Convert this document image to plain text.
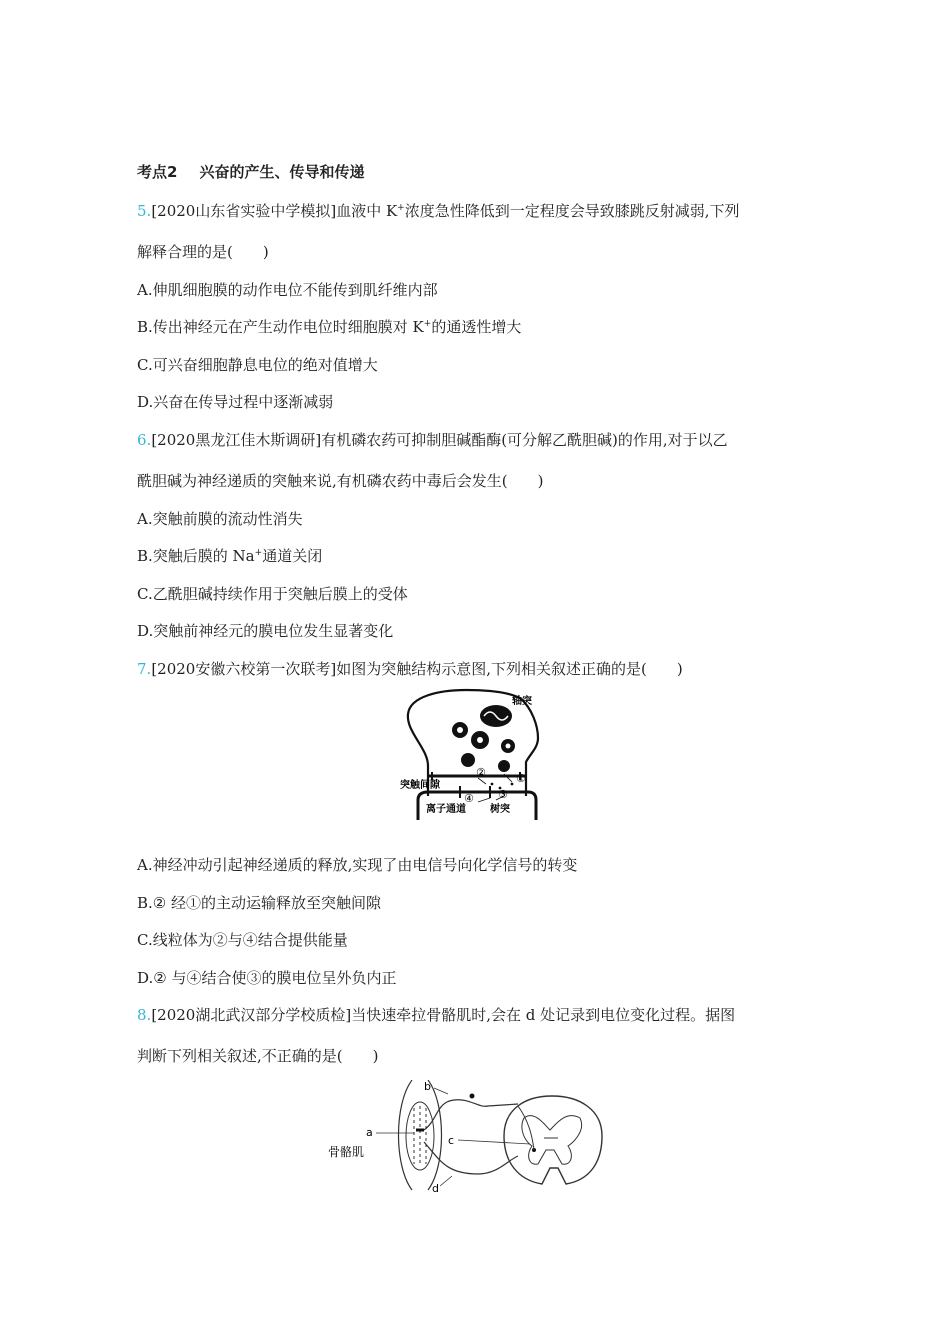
考点2 兴奋的产生、传导和传递
5.[2020山东省实验中学模拟]血液中 K+浓度急性降低到一定程度会导致膝跳反射减弱,下列
解释合理的是(　　)
A.伸肌细胞膜的动作电位不能传到肌纤维内部
B.传出神经元在产生动作电位时细胞膜对 K+的通透性增大
C.可兴奋细胞静息电位的绝对值增大
D.兴奋在传导过程中逐渐减弱
6.[2020黑龙江佳木斯调研]有机磷农药可抑制胆碱酯酶(可分解乙酰胆碱)的作用,对于以乙
酰胆碱为神经递质的突触来说,有机磷农药中毒后会发生(　　)
A.突触前膜的流动性消失
B.突触后膜的 Na+通道关闭
C.乙酰胆碱持续作用于突触后膜上的受体
D.突触前神经元的膜电位发生显著变化
7.[2020安徽六校第一次联考]如图为突触结构示意图,下列相关叙述正确的是(　　)
轴突
②	①
③
④
突触间隙
离子通道 树突
A.神经冲动引起神经递质的释放,实现了由电信号向化学信号的转变
B.② 经①的主动运输释放至突触间隙
C.线粒体为②与④结合提供能量
D.② 与④结合使③的膜电位呈外负内正
8.[2020湖北武汉部分学校质检]当快速牵拉骨骼肌时,会在 d 处记录到电位变化过程。据图
判断下列相关叙述,不正确的是(　　)
b
a
骨骼肌
c
d
